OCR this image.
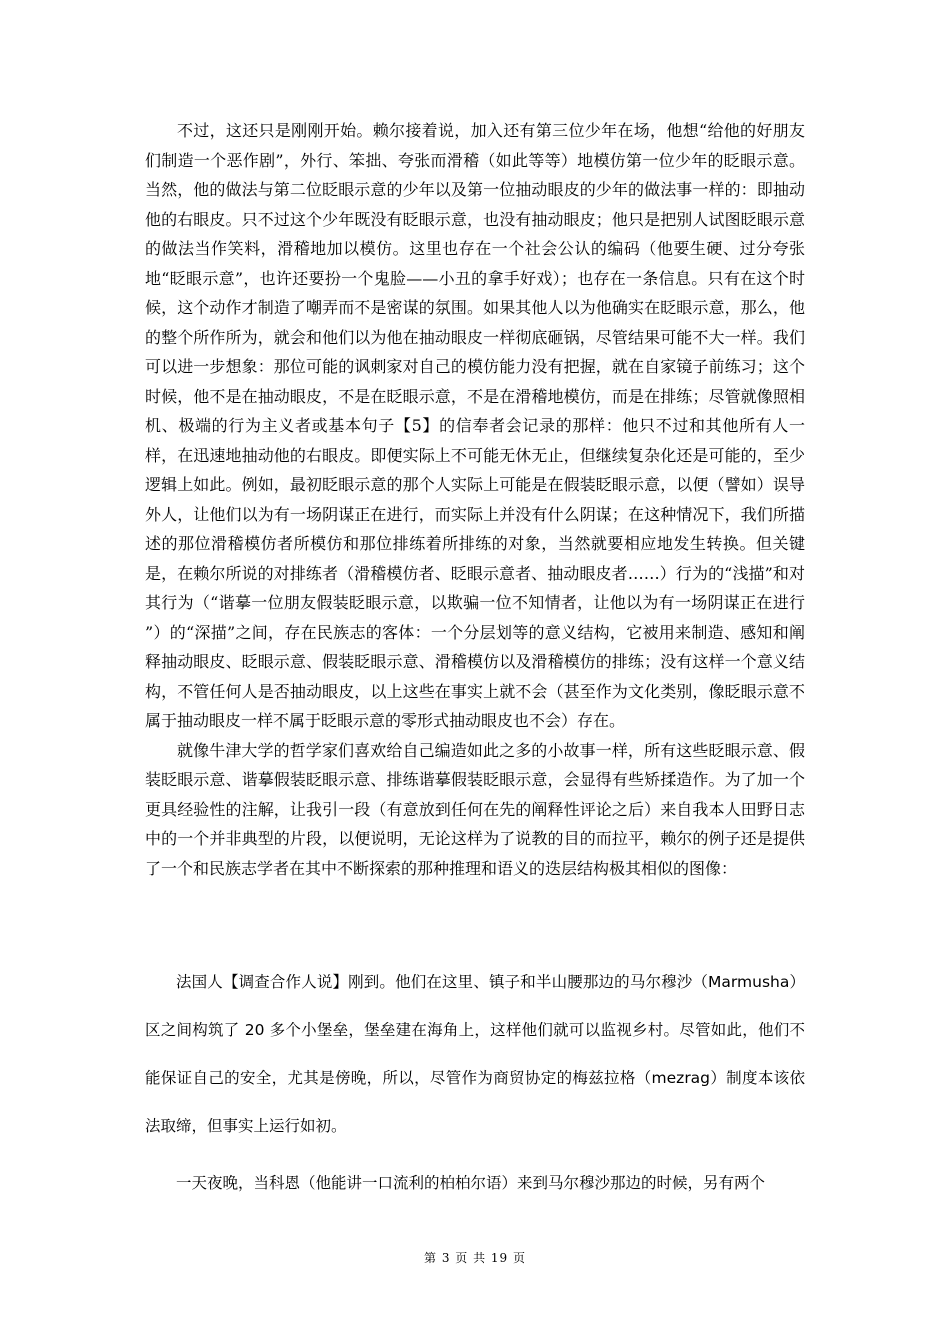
不过，这还只是刚刚开始。赖尔接着说，加入还有第三位少年在场，他想“给他的好朋友们制造一个恶作剧”，外行、笨拙、夸张而滑稽（如此等等）地模仿第一位少年的眨眼示意。当然，他的做法与第二位眨眼示意的少年以及第一位抽动眼皮的少年的做法事一样的：即抽动他的右眼皮。只不过这个少年既没有眨眼示意，也没有抽动眼皮；他只是把别人试图眨眼示意的做法当作笑料，滑稽地加以模仿。这里也存在一个社会公认的编码（他要生硬、过分夸张地“眨眼示意”，也许还要扮一个鬼脸——小丑的拿手好戏）；也存在一条信息。只有在这个时候，这个动作才制造了嘲弄而不是密谋的氛围。如果其他人以为他确实在眨眼示意，那么，他的整个所作所为，就会和他们以为他在抽动眼皮一样彻底砸锅，尽管结果可能不大一样。我们可以进一步想象：那位可能的讽刺家对自己的模仿能力没有把握，就在自家镜子前练习；这个时候，他不是在抽动眼皮，不是在眨眼示意，不是在滑稽地模仿，而是在排练；尽管就像照相机、极端的行为主义者或基本句子【5】的信奉者会记录的那样：他只不过和其他所有人一样，在迅速地抽动他的右眼皮。即便实际上不可能无休无止，但继续复杂化还是可能的，至少逻辑上如此。例如，最初眨眼示意的那个人实际上可能是在假装眨眼示意，以便（譬如）误导外人，让他们以为有一场阴谋正在进行，而实际上并没有什么阴谋；在这种情况下，我们所描述的那位滑稽模仿者所模仿和那位排练着所排练的对象，当然就要相应地发生转换。但关键是，在赖尔所说的对排练者（滑稽模仿者、眨眼示意者、抽动眼皮者……）行为的“浅描”和对其行为（“谐摹一位朋友假装眨眼示意，以欺骗一位不知情者，让他以为有一场阴谋正在进行 ”）的“深描”之间，存在民族志的客体：一个分层划等的意义结构，它被用来制造、感知和阐释抽动眼皮、眨眼示意、假装眨眼示意、滑稽模仿以及滑稽模仿的排练；没有这样一个意义结构，不管任何人是否抽动眼皮，以上这些在事实上就不会（甚至作为文化类别，像眨眼示意不属于抽动眼皮一样不属于眨眼示意的零形式抽动眼皮也不会）存在。

就像牛津大学的哲学家们喜欢给自己编造如此之多的小故事一样，所有这些眨眼示意、假装眨眼示意、谐摹假装眨眼示意、排练谐摹假装眨眼示意，会显得有些矫揉造作。为了加一个更具经验性的注解，让我引一段（有意放到任何在先的阐释性评论之后）来自我本人田野日志中的一个并非典型的片段，以便说明，无论这样为了说教的目的而拉平，赖尔的例子还是提供了一个和民族志学者在其中不断探索的那种推理和语义的迭层结构极其相似的图像：

法国人【调查合作人说】刚到。他们在这里、镇子和半山腰那边的马尔穆沙（Marmusha）区之间构筑了 20 多个小堡垒，堡垒建在海角上，这样他们就可以监视乡村。尽管如此，他们不能保证自己的安全，尤其是傍晚，所以，尽管作为商贸协定的梅兹拉格（mezrag）制度本该依法取缔，但事实上运行如初。

一天夜晚，当科恩（他能讲一口流利的柏柏尔语）来到马尔穆沙那边的时候，另有两个

第 3 页 共 19 页
